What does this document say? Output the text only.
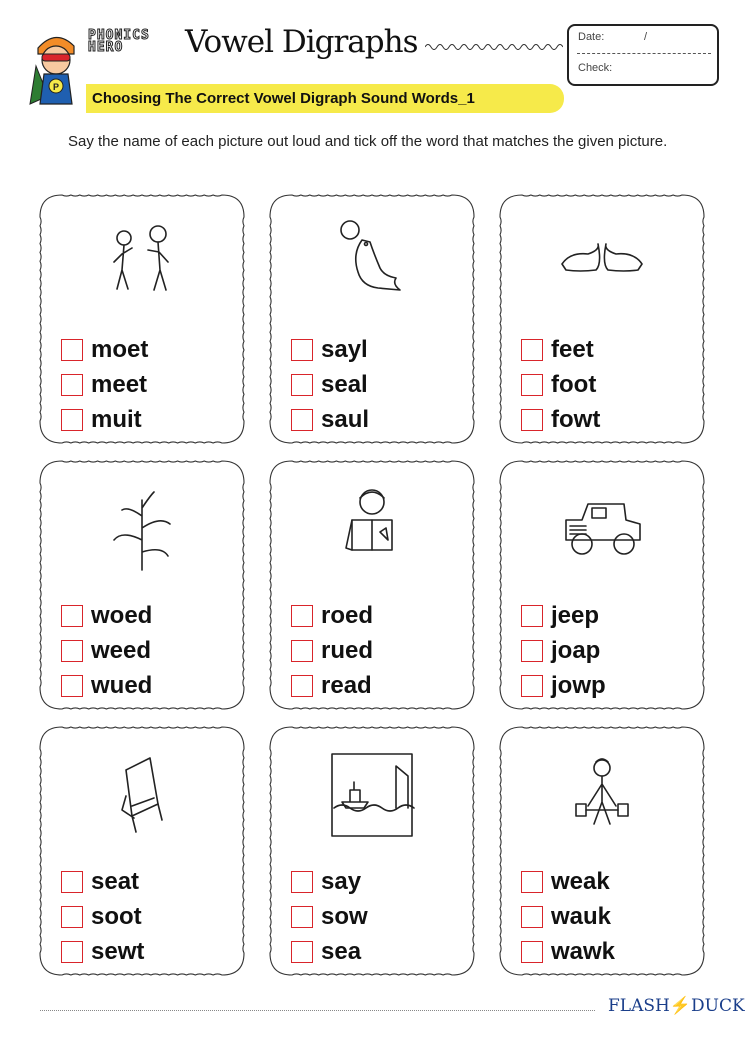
P
PHONICS
HERO	Vowel Digraphs	Date:	/
Check:
Choosing The Correct Vowel Digraph Sound Words_1
Say the name of each picture out loud and tick off the word that matches the given picture.
moet
meet
muit
sayl
seal
saul
feet
foot
fowt
woed
weed
wued
roed
rued
read
jeep
joap
jowp
seat
soot
sewt
say
sow
sea
weak
wauk
wawk
FLASH⚡DUCK
